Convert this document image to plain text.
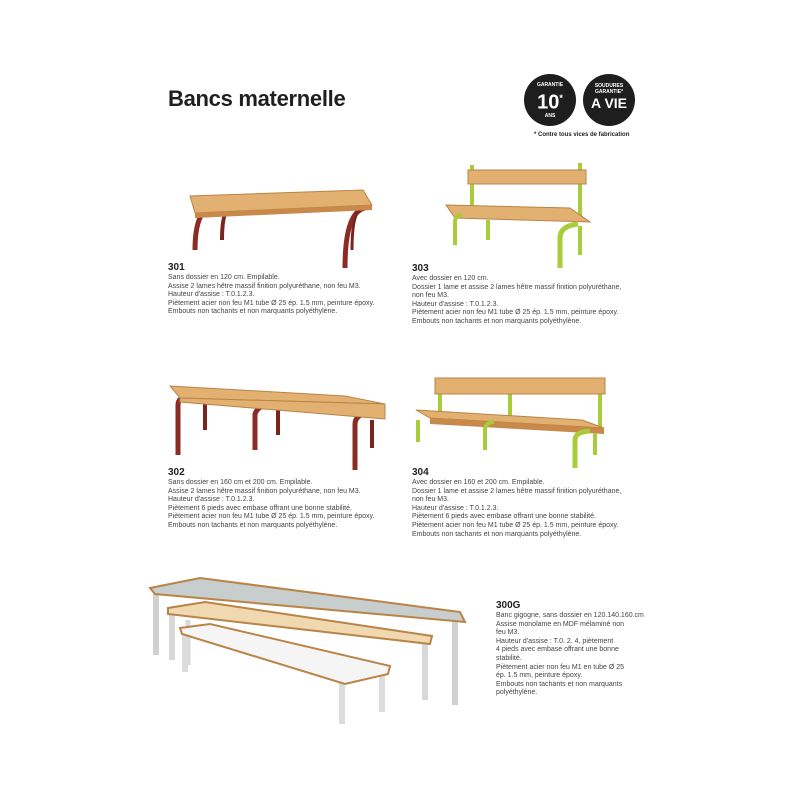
Bancs maternelle
GARANTIE
10*
ANS
SOUDURES GARANTIE*
A VIE
* Contre tous vices de fabrication
301
Sans dossier en 120 cm. Empilable.
Assise 2 lames hêtre massif finition polyuréthane, non feu M3.
Hauteur d'assise : T.0.1.2.3.
Piètement acier non feu M1 tube Ø 25 ép. 1.5 mm, peinture époxy.
Embouts non tachants et non marquants polyéthylène.
303
Avec dossier en 120 cm.
Dossier 1 lame et assise 2 lames hêtre massif finition polyuréthane,
non feu M3.
Hauteur d'assise : T.0.1.2.3.
Piètement acier non feu M1 tube Ø 25 ép. 1.5 mm, peinture époxy.
Embouts non tachants et non marquants polyéthylène.
302
Sans dossier en 160 cm et 200 cm. Empilable.
Assise 2 lames hêtre massif finition polyuréthane, non feu M3.
Hauteur d'assise : T.0.1.2.3.
Piètement 6 pieds avec embase offrant une bonne stabilité.
Piètement acier non feu M1 tube Ø 25 ép. 1.5 mm, peinture époxy.
Embouts non tachants et non marquants polyéthylène.
304
Avec dossier en 160 et 200 cm. Empilable.
Dossier 1 lame et assise 2 lames hêtre massif finition polyuréthane,
non feu M3.
Hauteur d'assise : T.0.1.2.3.
Piètement 6 pieds avec embase offrant une bonne stabilité.
Piètement acier non feu M1 tube Ø 25 ép. 1.5 mm, peinture époxy.
Embouts non tachants et non marquants polyéthylène.
300G
Banc gigogne, sans dossier en 120.140.160.cm
Assise monolame en MDF mélaminé non
feu M3.
Hauteur d'assise : T.0. 2. 4, piètement
4 pieds avec embase offrant une bonne
stabilité.
Piètement acier non feu M1 en tube Ø 25
ép. 1.5 mm, peinture époxy.
Embouts non tachants et non marquants
polyéthylène.
